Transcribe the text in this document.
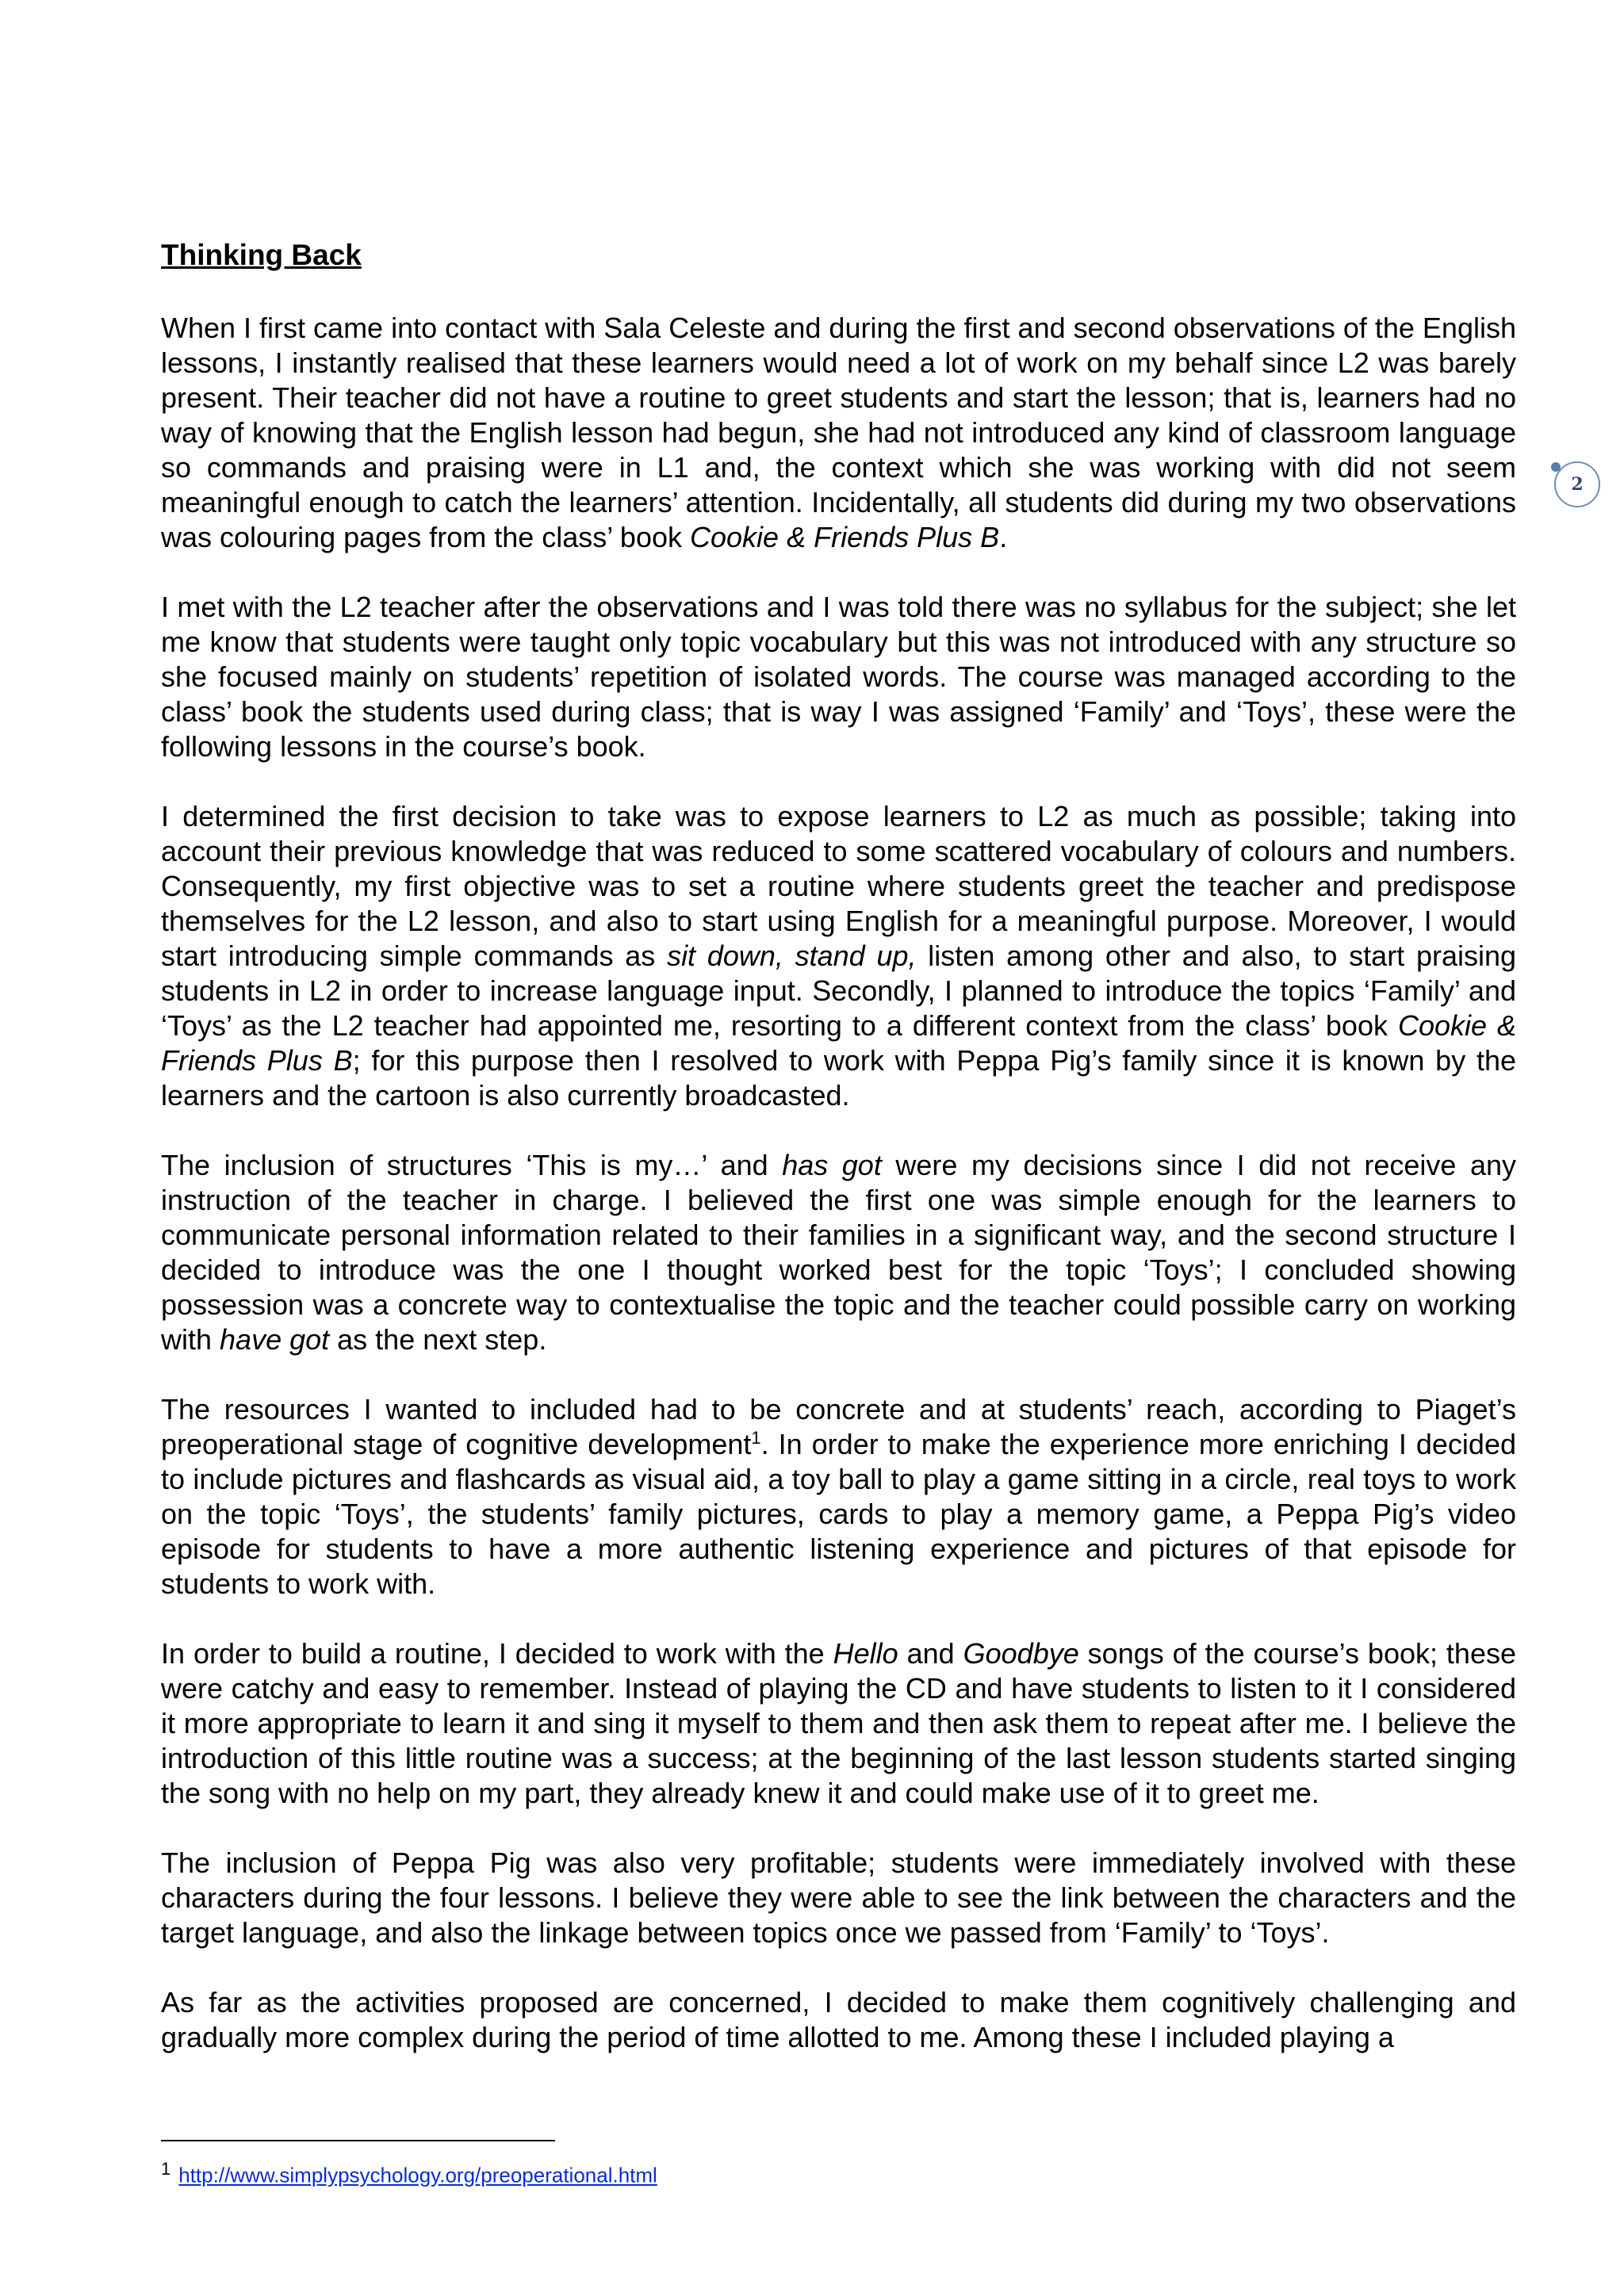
Thinking Back

When I first came into contact with Sala Celeste and during the first and second observations of the English lessons, I instantly realised that these learners would need a lot of work on my behalf since L2 was barely present. Their teacher did not have a routine to greet students and start the lesson; that is, learners had no way of knowing that the English lesson had begun, she had not introduced any kind of classroom language so commands and praising were in L1 and, the context which she was working with did not seem meaningful enough to catch the learners’ attention. Incidentally, all students did during my two observations was colouring pages from the class’ book Cookie & Friends Plus B.

I met with the L2 teacher after the observations and I was told there was no syllabus for the subject; she let me know that students were taught only topic vocabulary but this was not introduced with any structure so she focused mainly on students’ repetition of isolated words. The course was managed according to the class’ book the students used during class; that is way I was assigned ‘Family’ and ‘Toys’, these were the following lessons in the course’s book.

I determined the first decision to take was to expose learners to L2 as much as possible; taking into account their previous knowledge that was reduced to some scattered vocabulary of colours and numbers. Consequently, my first objective was to set a routine where students greet the teacher and predispose themselves for the L2 lesson, and also to start using English for a meaningful purpose. Moreover, I would start introducing simple commands as sit down, stand up, listen among other and also, to start praising students in L2 in order to increase language input. Secondly, I planned to introduce the topics ‘Family’ and ‘Toys’ as the L2 teacher had appointed me, resorting to a different context from the class’ book Cookie & Friends Plus B; for this purpose then I resolved to work with Peppa Pig’s family since it is known by the learners and the cartoon is also currently broadcasted.

The inclusion of structures ‘This is my…’ and has got were my decisions since I did not receive any instruction of the teacher in charge. I believed the first one was simple enough for the learners to communicate personal information related to their families in a significant way, and the second structure I decided to introduce was the one I thought worked best for the topic ‘Toys’; I concluded showing possession was a concrete way to contextualise the topic and the teacher could possible carry on working with have got as the next step.

The resources I wanted to included had to be concrete and at students’ reach, according to Piaget’s preoperational stage of cognitive development$^1$. In order to make the experience more enriching I decided to include pictures and flashcards as visual aid, a toy ball to play a game sitting in a circle, real toys to work on the topic ‘Toys’, the students’ family pictures, cards to play a memory game, a Peppa Pig’s video episode for students to have a more authentic listening experience and pictures of that episode for students to work with.

In order to build a routine, I decided to work with the Hello and Goodbye songs of the course’s book; these were catchy and easy to remember. Instead of playing the CD and have students to listen to it I considered it more appropriate to learn it and sing it myself to them and then ask them to repeat after me. I believe the introduction of this little routine was a success; at the beginning of the last lesson students started singing the song with no help on my part, they already knew it and could make use of it to greet me.

The inclusion of Peppa Pig was also very profitable; students were immediately involved with these characters during the four lessons. I believe they were able to see the link between the characters and the target language, and also the linkage between topics once we passed from ‘Family’ to ‘Toys’.

As far as the activities proposed are concerned, I decided to make them cognitively challenging and gradually more complex during the period of time allotted to me. Among these I included playing a

2
$^1$ http://www.simplypsychology.org/preoperational.html
